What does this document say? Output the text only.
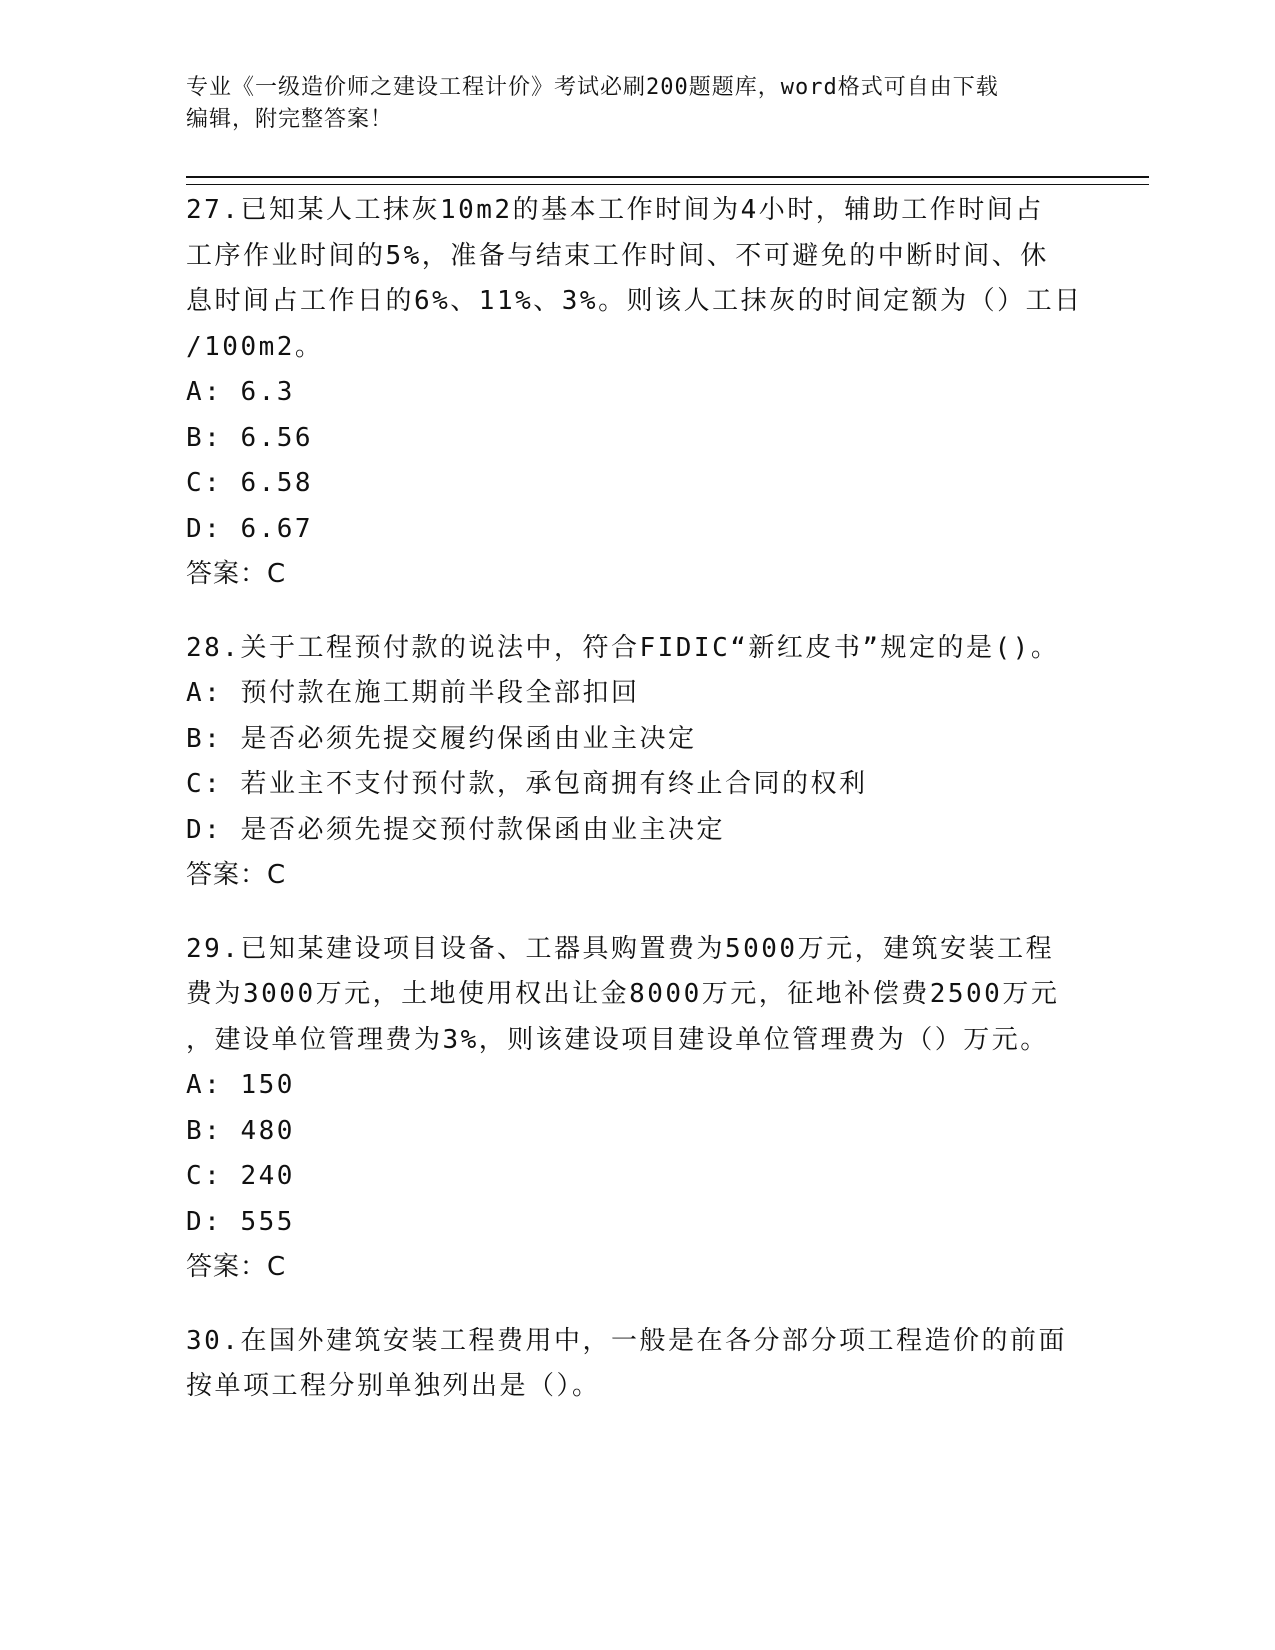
专业《一级造价师之建设工程计价》考试必刷200题题库，word格式可自由下载
编辑，附完整答案！

27.已知某人工抹灰10m2的基本工作时间为4小时，辅助工作时间占

工序作业时间的5%，准备与结束工作时间、不可避免的中断时间、休

息时间占工作日的6%、11%、3%。则该人工抹灰的时间定额为（）工日

/100m2。

A: 6.3

B: 6.56

C: 6.58

D: 6.67

答案：C

28.关于工程预付款的说法中，符合FIDIC“新红皮书”规定的是()。

A: 预付款在施工期前半段全部扣回

B: 是否必须先提交履约保函由业主决定

C: 若业主不支付预付款，承包商拥有终止合同的权利

D: 是否必须先提交预付款保函由业主决定

答案：C

29.已知某建设项目设备、工器具购置费为5000万元，建筑安装工程

费为3000万元，土地使用权出让金8000万元，征地补偿费2500万元

，建设单位管理费为3%，则该建设项目建设单位管理费为（）万元。

A: 150

B: 480

C: 240

D: 555

答案：C

30.在国外建筑安装工程费用中，一般是在各分部分项工程造价的前面

按单项工程分别单独列出是（）。
